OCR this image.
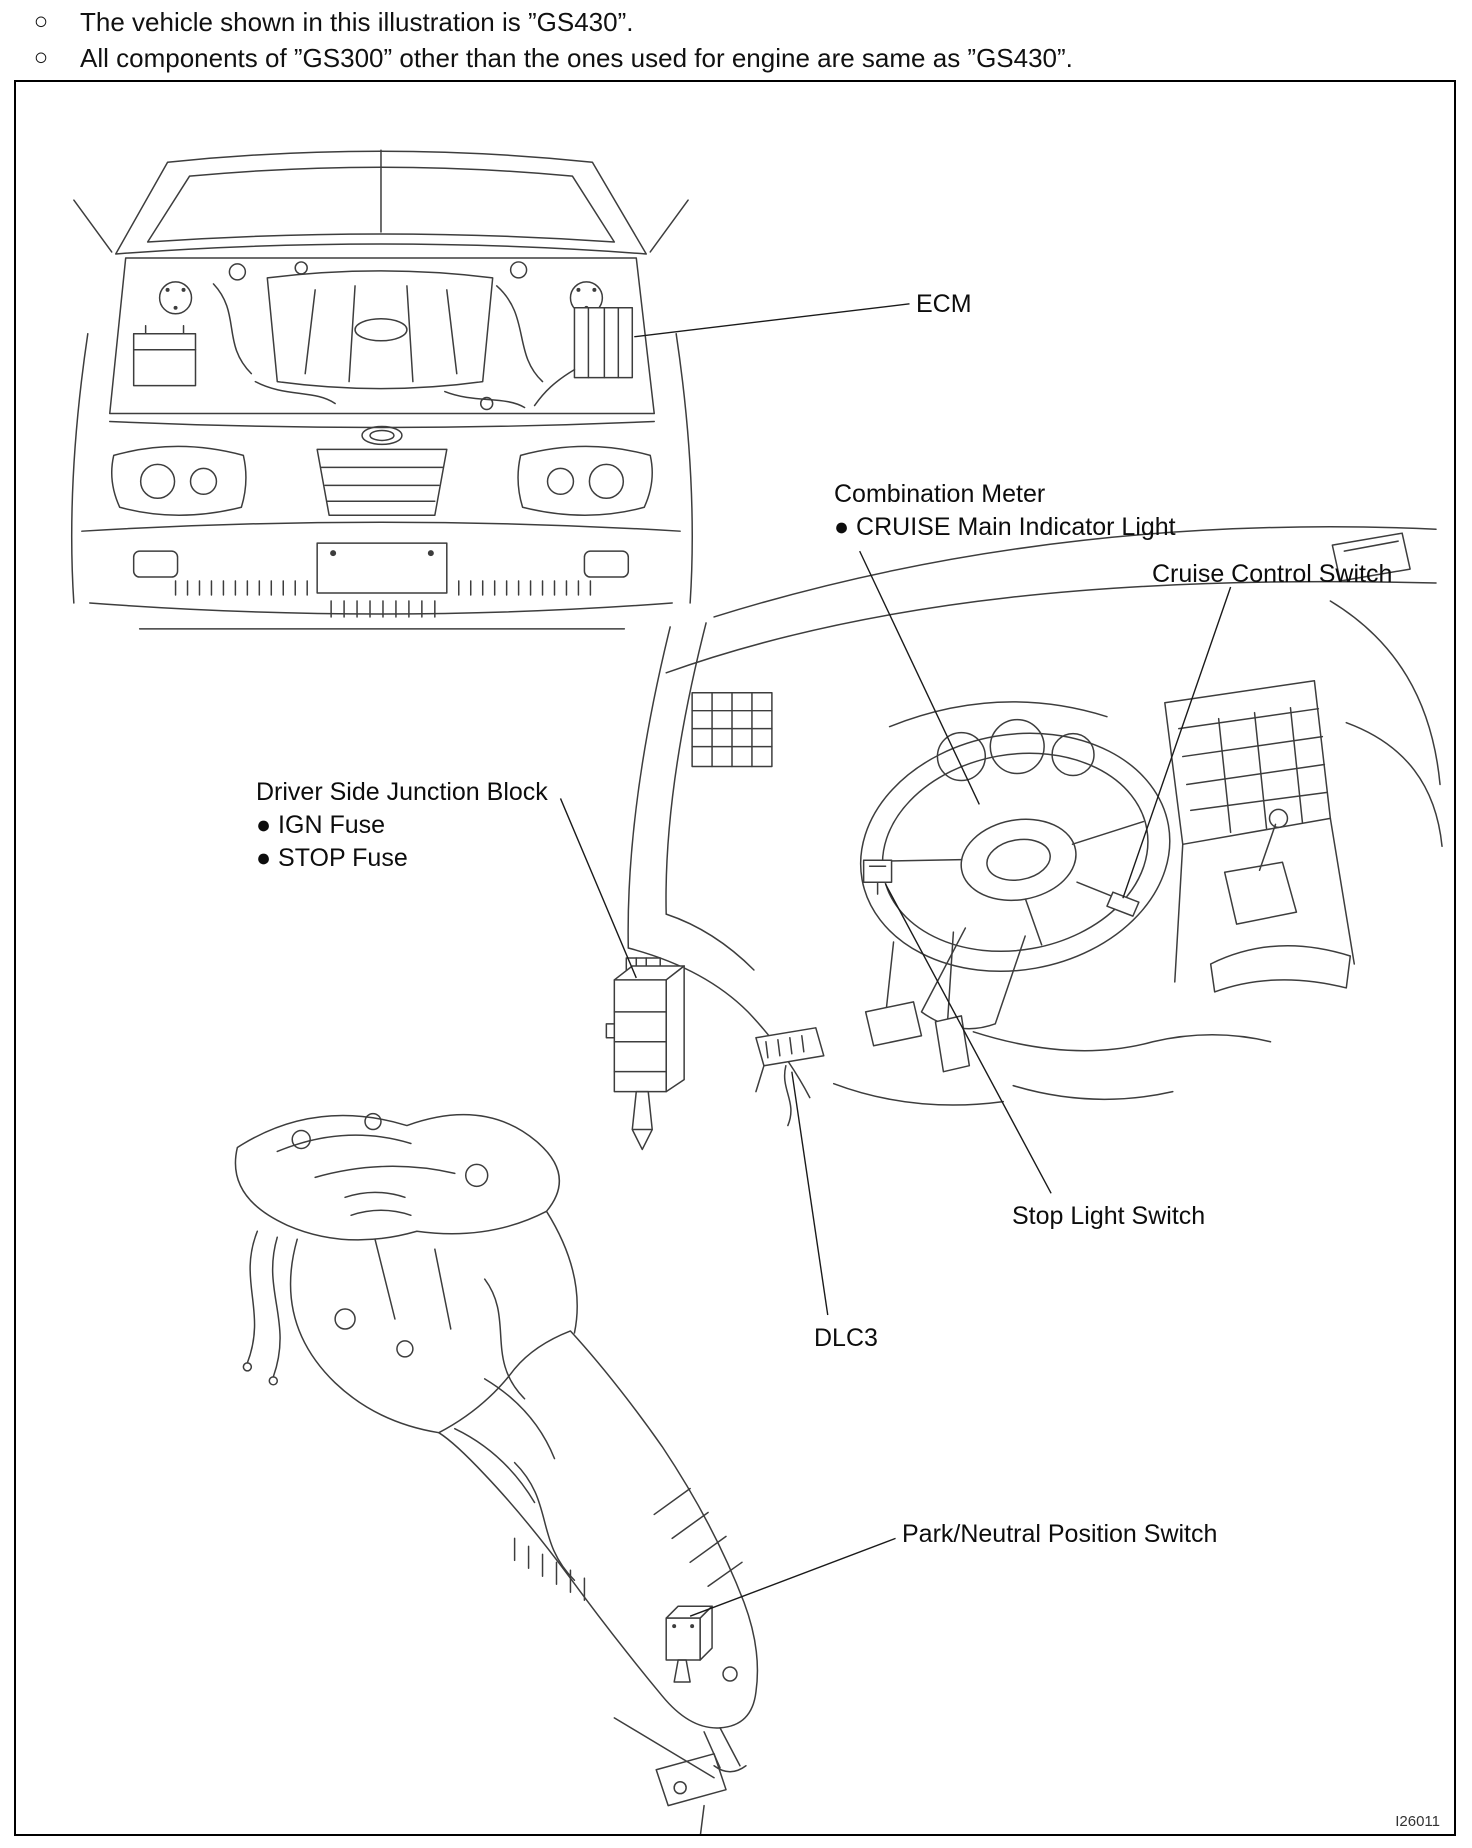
○	The vehicle shown in this illustration is ”GS430”.
○	All components of ”GS300” other than the ones used for engine are same as ”GS430”.
ECM
Combination Meter
● CRUISE Main Indicator Light
Cruise Control Switch
Driver Side Junction Block
● IGN Fuse
● STOP Fuse
Stop Light Switch
DLC3
Park/Neutral Position Switch
I26011
